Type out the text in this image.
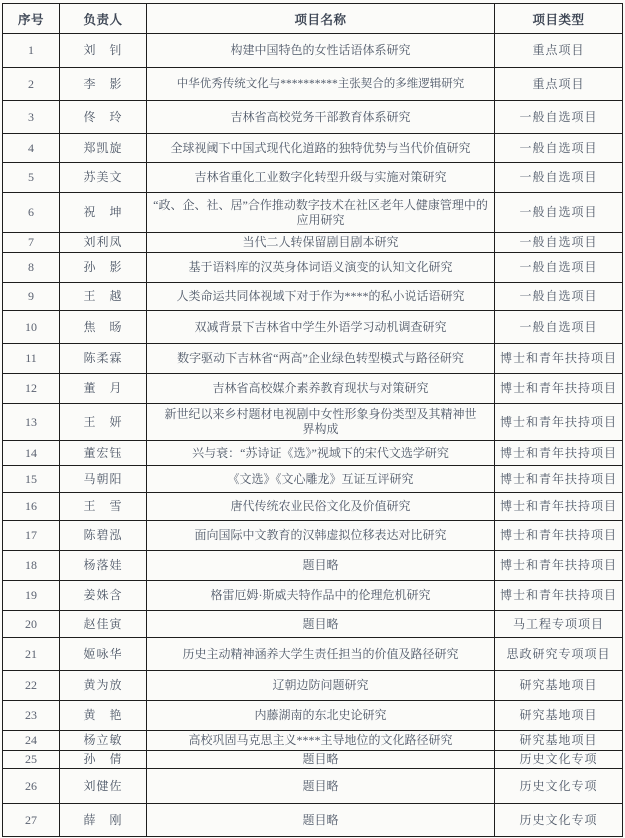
序号	负责人	项目名称	项目类型
1	刘　钊	构建中国特色的女性话语体系研究	重点项目
2	李　影	中华优秀传统文化与**********主张契合的多维逻辑研究	重点项目
3	佟　玲	吉林省高校党务干部教育体系研究	一般自选项目
4	郑凯旋	全球视阈下中国式现代化道路的独特优势与当代价值研究	一般自选项目
5	苏美文	吉林省重化工业数字化转型升级与实施对策研究	一般自选项目
6	祝　坤	“政、企、社、居”合作推动数字技术在社区老年人健康管理中的应用研究	一般自选项目
7	刘利凤	当代二人转保留剧目剧本研究	一般自选项目
8	孙　影	基于语料库的汉英身体词语义演变的认知文化研究	一般自选项目
9	王　越	人类命运共同体视域下对于作为****的私小说话语研究	一般自选项目
10	焦　旸	双减背景下吉林省中学生外语学习动机调查研究	一般自选项目
11	陈柔霖	数字驱动下吉林省“两高”企业绿色转型模式与路径研究	博士和青年扶持项目
12	董　月	吉林省高校媒介素养教育现状与对策研究	博士和青年扶持项目
13	王　妍	新世纪以来乡村题材电视剧中女性形象身份类型及其精神世界构成	博士和青年扶持项目
14	董宏钰	兴与衰：“苏诗证《选》”视域下的宋代文选学研究	博士和青年扶持项目
15	马朝阳	《文选》《文心雕龙》互证互评研究	博士和青年扶持项目
16	王　雪	唐代传统农业民俗文化及价值研究	博士和青年扶持项目
17	陈碧泓	面向国际中文教育的汉韩虚拟位移表达对比研究	博士和青年扶持项目
18	杨落娃	题目略	博士和青年扶持项目
19	姜姝含	格雷厄姆·斯威夫特作品中的伦理危机研究	博士和青年扶持项目
20	赵佳寅	题目略	马工程专项项目
21	姬咏华	历史主动精神涵养大学生责任担当的价值及路径研究	思政研究专项项目
22	黄为放	辽朝边防问题研究	研究基地项目
23	黄　艳	内藤湖南的东北史论研究	研究基地项目
24	杨立敏	高校巩固马克思主义****主导地位的文化路径研究	研究基地项目
25	孙　倩	题目略	历史文化专项
26	刘健佐	题目略	历史文化专项
27	薛　刚	题目略	历史文化专项
